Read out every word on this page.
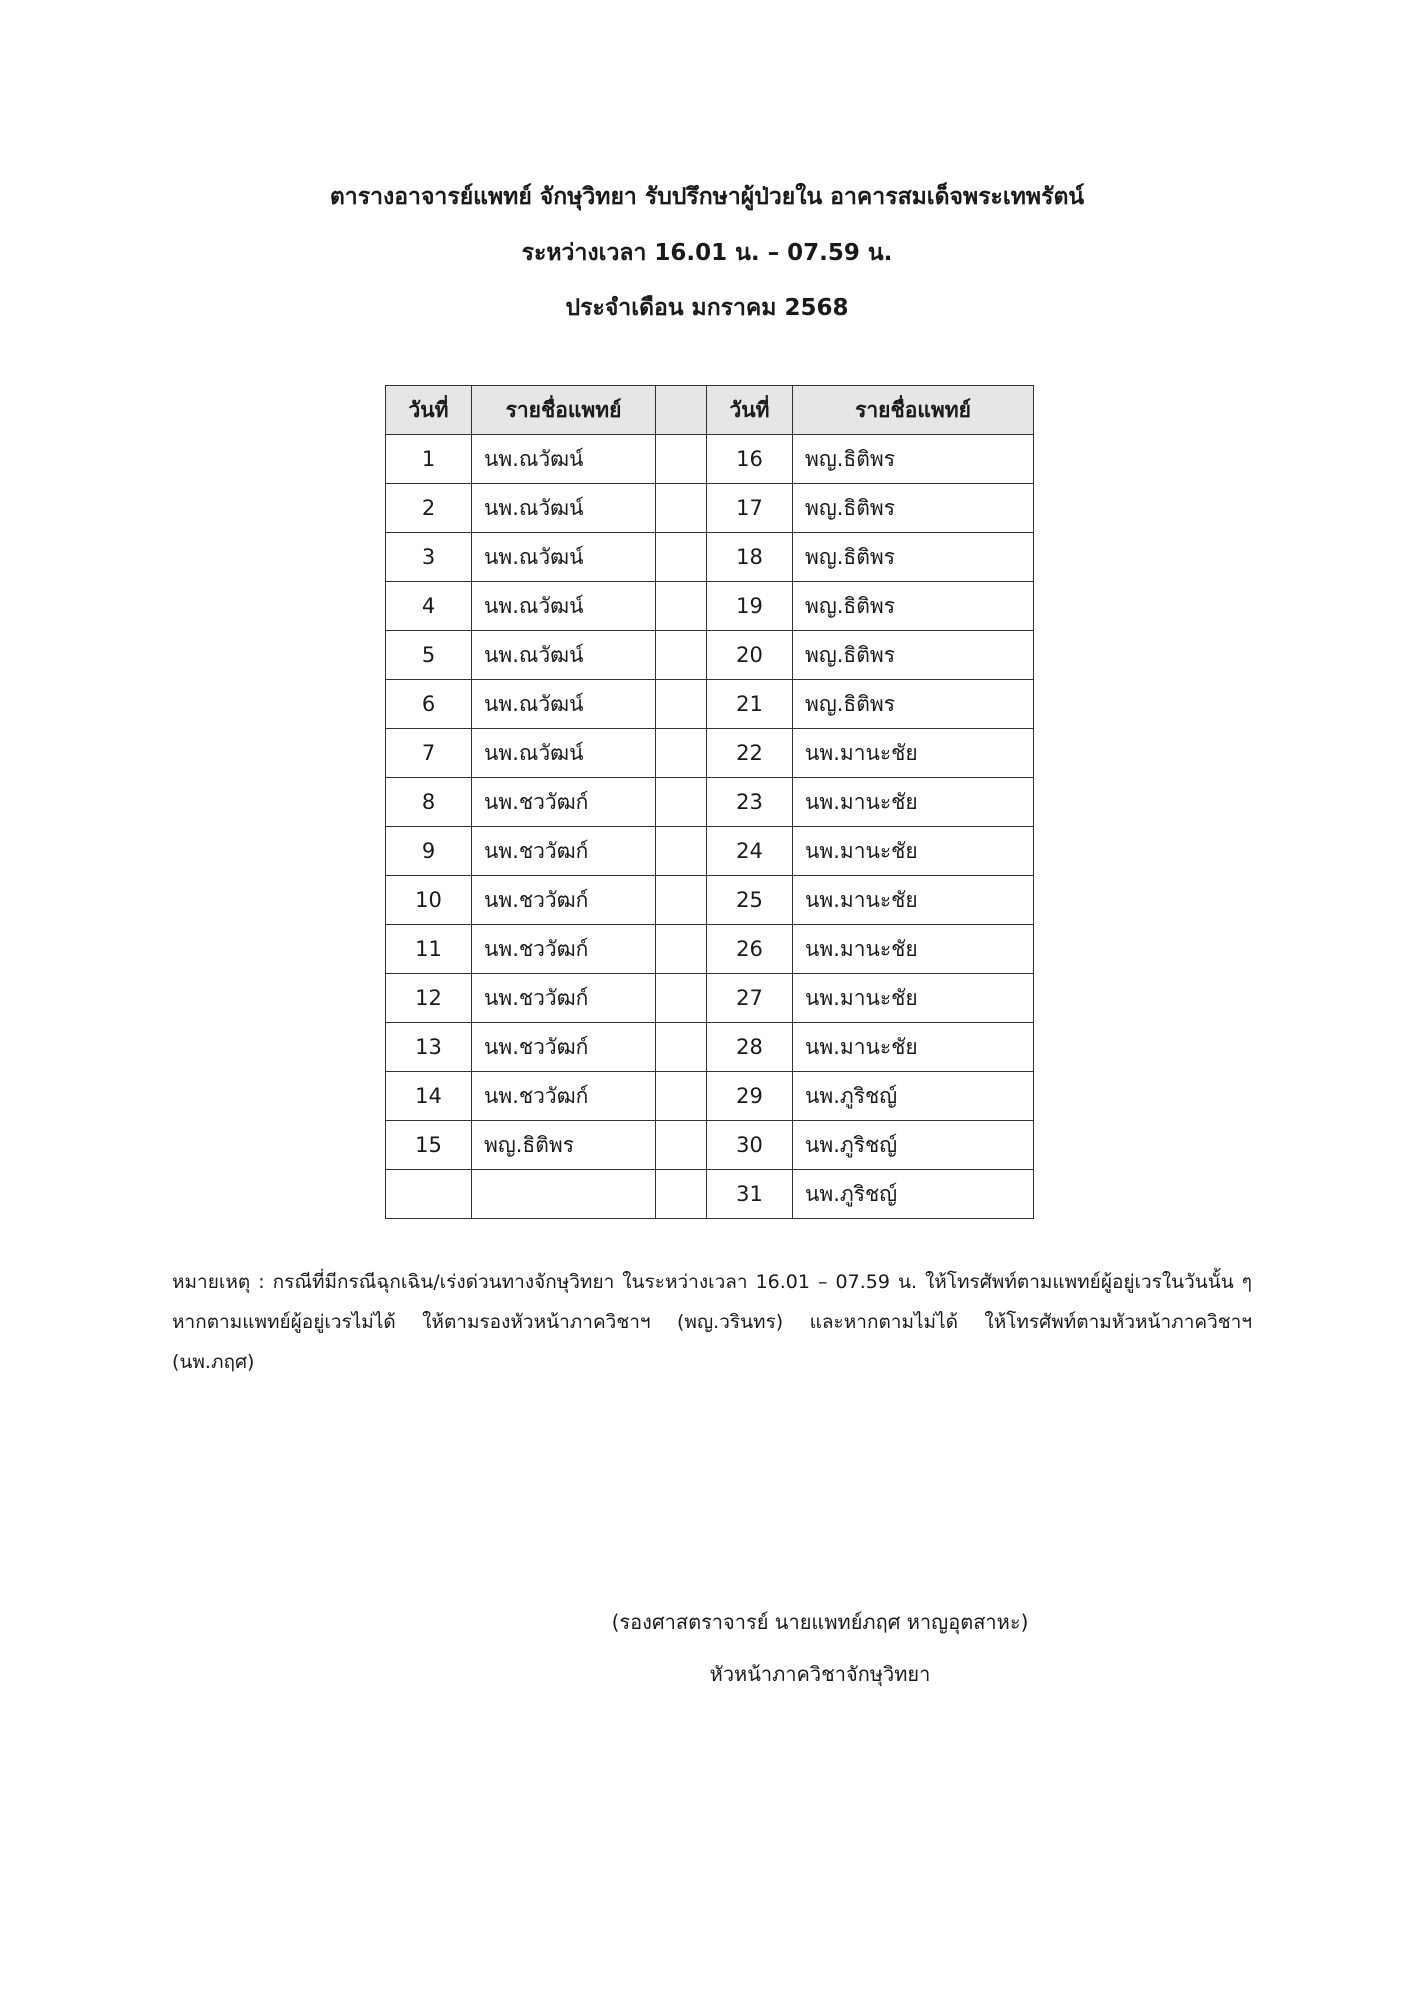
ตารางอาจารย์แพทย์ จักษุวิทยา รับปรึกษาผู้ป่วยใน อาคารสมเด็จพระเทพรัตน์
ระหว่างเวลา 16.01 น. – 07.59 น.
ประจำเดือน มกราคม 2568
วันที่	รายชื่อแพทย์		วันที่	รายชื่อแพทย์
1	นพ.ณวัฒน์		16	พญ.ธิติพร
2	นพ.ณวัฒน์		17	พญ.ธิติพร
3	นพ.ณวัฒน์		18	พญ.ธิติพร
4	นพ.ณวัฒน์		19	พญ.ธิติพร
5	นพ.ณวัฒน์		20	พญ.ธิติพร
6	นพ.ณวัฒน์		21	พญ.ธิติพร
7	นพ.ณวัฒน์		22	นพ.มานะชัย
8	นพ.ชววัฒก์		23	นพ.มานะชัย
9	นพ.ชววัฒก์		24	นพ.มานะชัย
10	นพ.ชววัฒก์		25	นพ.มานะชัย
11	นพ.ชววัฒก์		26	นพ.มานะชัย
12	นพ.ชววัฒก์		27	นพ.มานะชัย
13	นพ.ชววัฒก์		28	นพ.มานะชัย
14	นพ.ชววัฒก์		29	นพ.ภูริชญ์
15	พญ.ธิติพร		30	นพ.ภูริชญ์
			31	นพ.ภูริชญ์
หมายเหตุ : กรณีที่มีกรณีฉุกเฉิน/เร่งด่วนทางจักษุวิทยา ในระหว่างเวลา 16.01 – 07.59 น. ให้โทรศัพท์ตามแพทย์ผู้อยู่เวรในวันนั้น ๆ หากตามแพทย์ผู้อยู่เวรไม่ได้ ให้ตามรองหัวหน้าภาควิชาฯ (พญ.วรินทร) และหากตามไม่ได้ ให้โทรศัพท์ตามหัวหน้าภาควิชาฯ (นพ.ภฤศ)
(รองศาสตราจารย์ นายแพทย์ภฤศ หาญอุตสาหะ)
หัวหน้าภาควิชาจักษุวิทยา
